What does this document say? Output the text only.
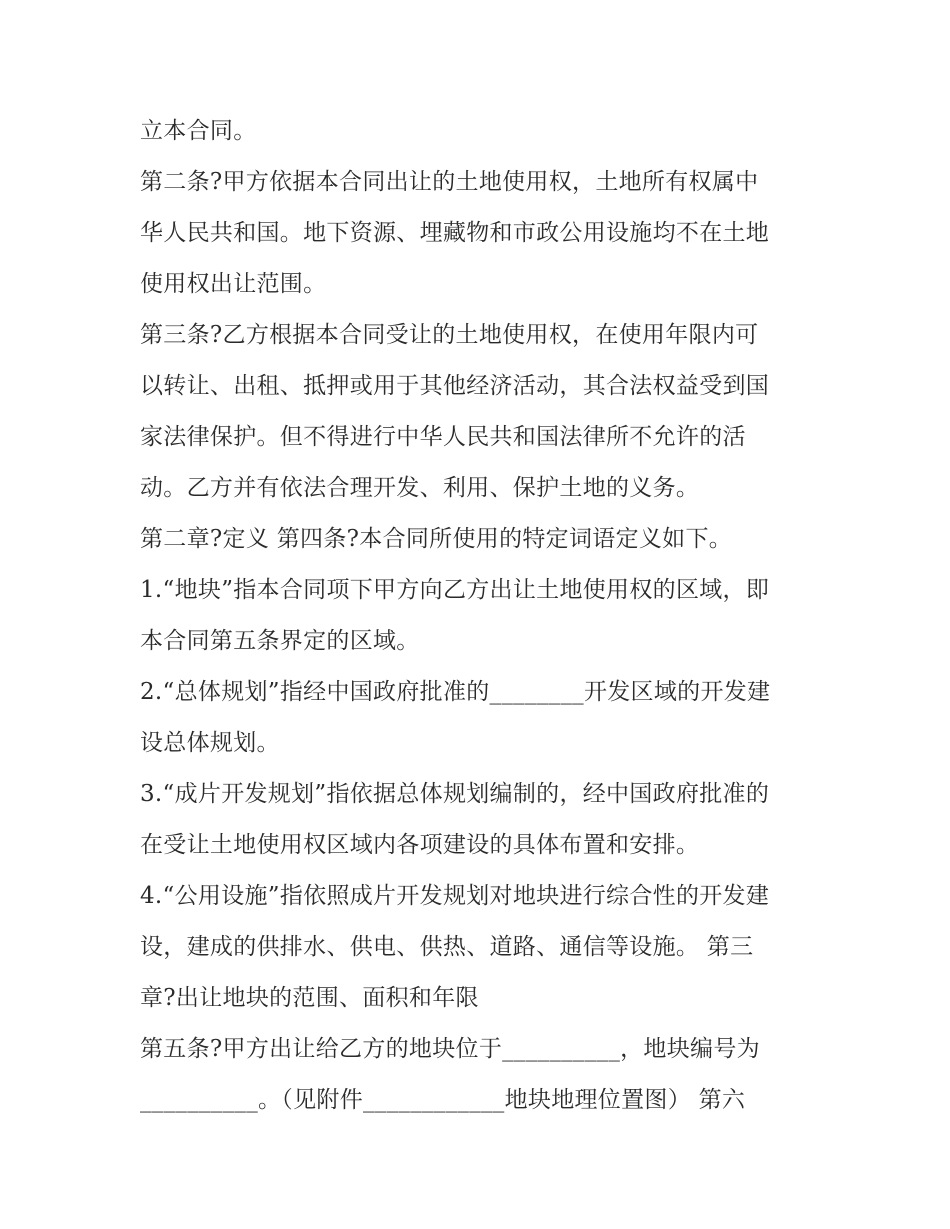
立本合同。
第二条?甲方依据本合同出让的土地使用权，土地所有权属中
华人民共和国。地下资源、埋藏物和市政公用设施均不在土地
使用权出让范围。
第三条?乙方根据本合同受让的土地使用权，在使用年限内可
以转让、出租、抵押或用于其他经济活动，其合法权益受到国
家法律保护。但不得进行中华人民共和国法律所不允许的活
动。乙方并有依法合理开发、利用、保护土地的义务。
第二章?定义 第四条?本合同所使用的特定词语定义如下。
1.“地块”指本合同项下甲方向乙方出让土地使用权的区域，即
本合同第五条界定的区域。
2.“总体规划”指经中国政府批准的________开发区域的开发建
设总体规划。
3.“成片开发规划”指依据总体规划编制的，经中国政府批准的
在受让土地使用权区域内各项建设的具体布置和安排。
4.“公用设施”指依照成片开发规划对地块进行综合性的开发建
设，建成的供排水、供电、供热、道路、通信等设施。 第三
章?出让地块的范围、面积和年限
第五条?甲方出让给乙方的地块位于__________，地块编号为
__________。（见附件____________地块地理位置图） 第六
